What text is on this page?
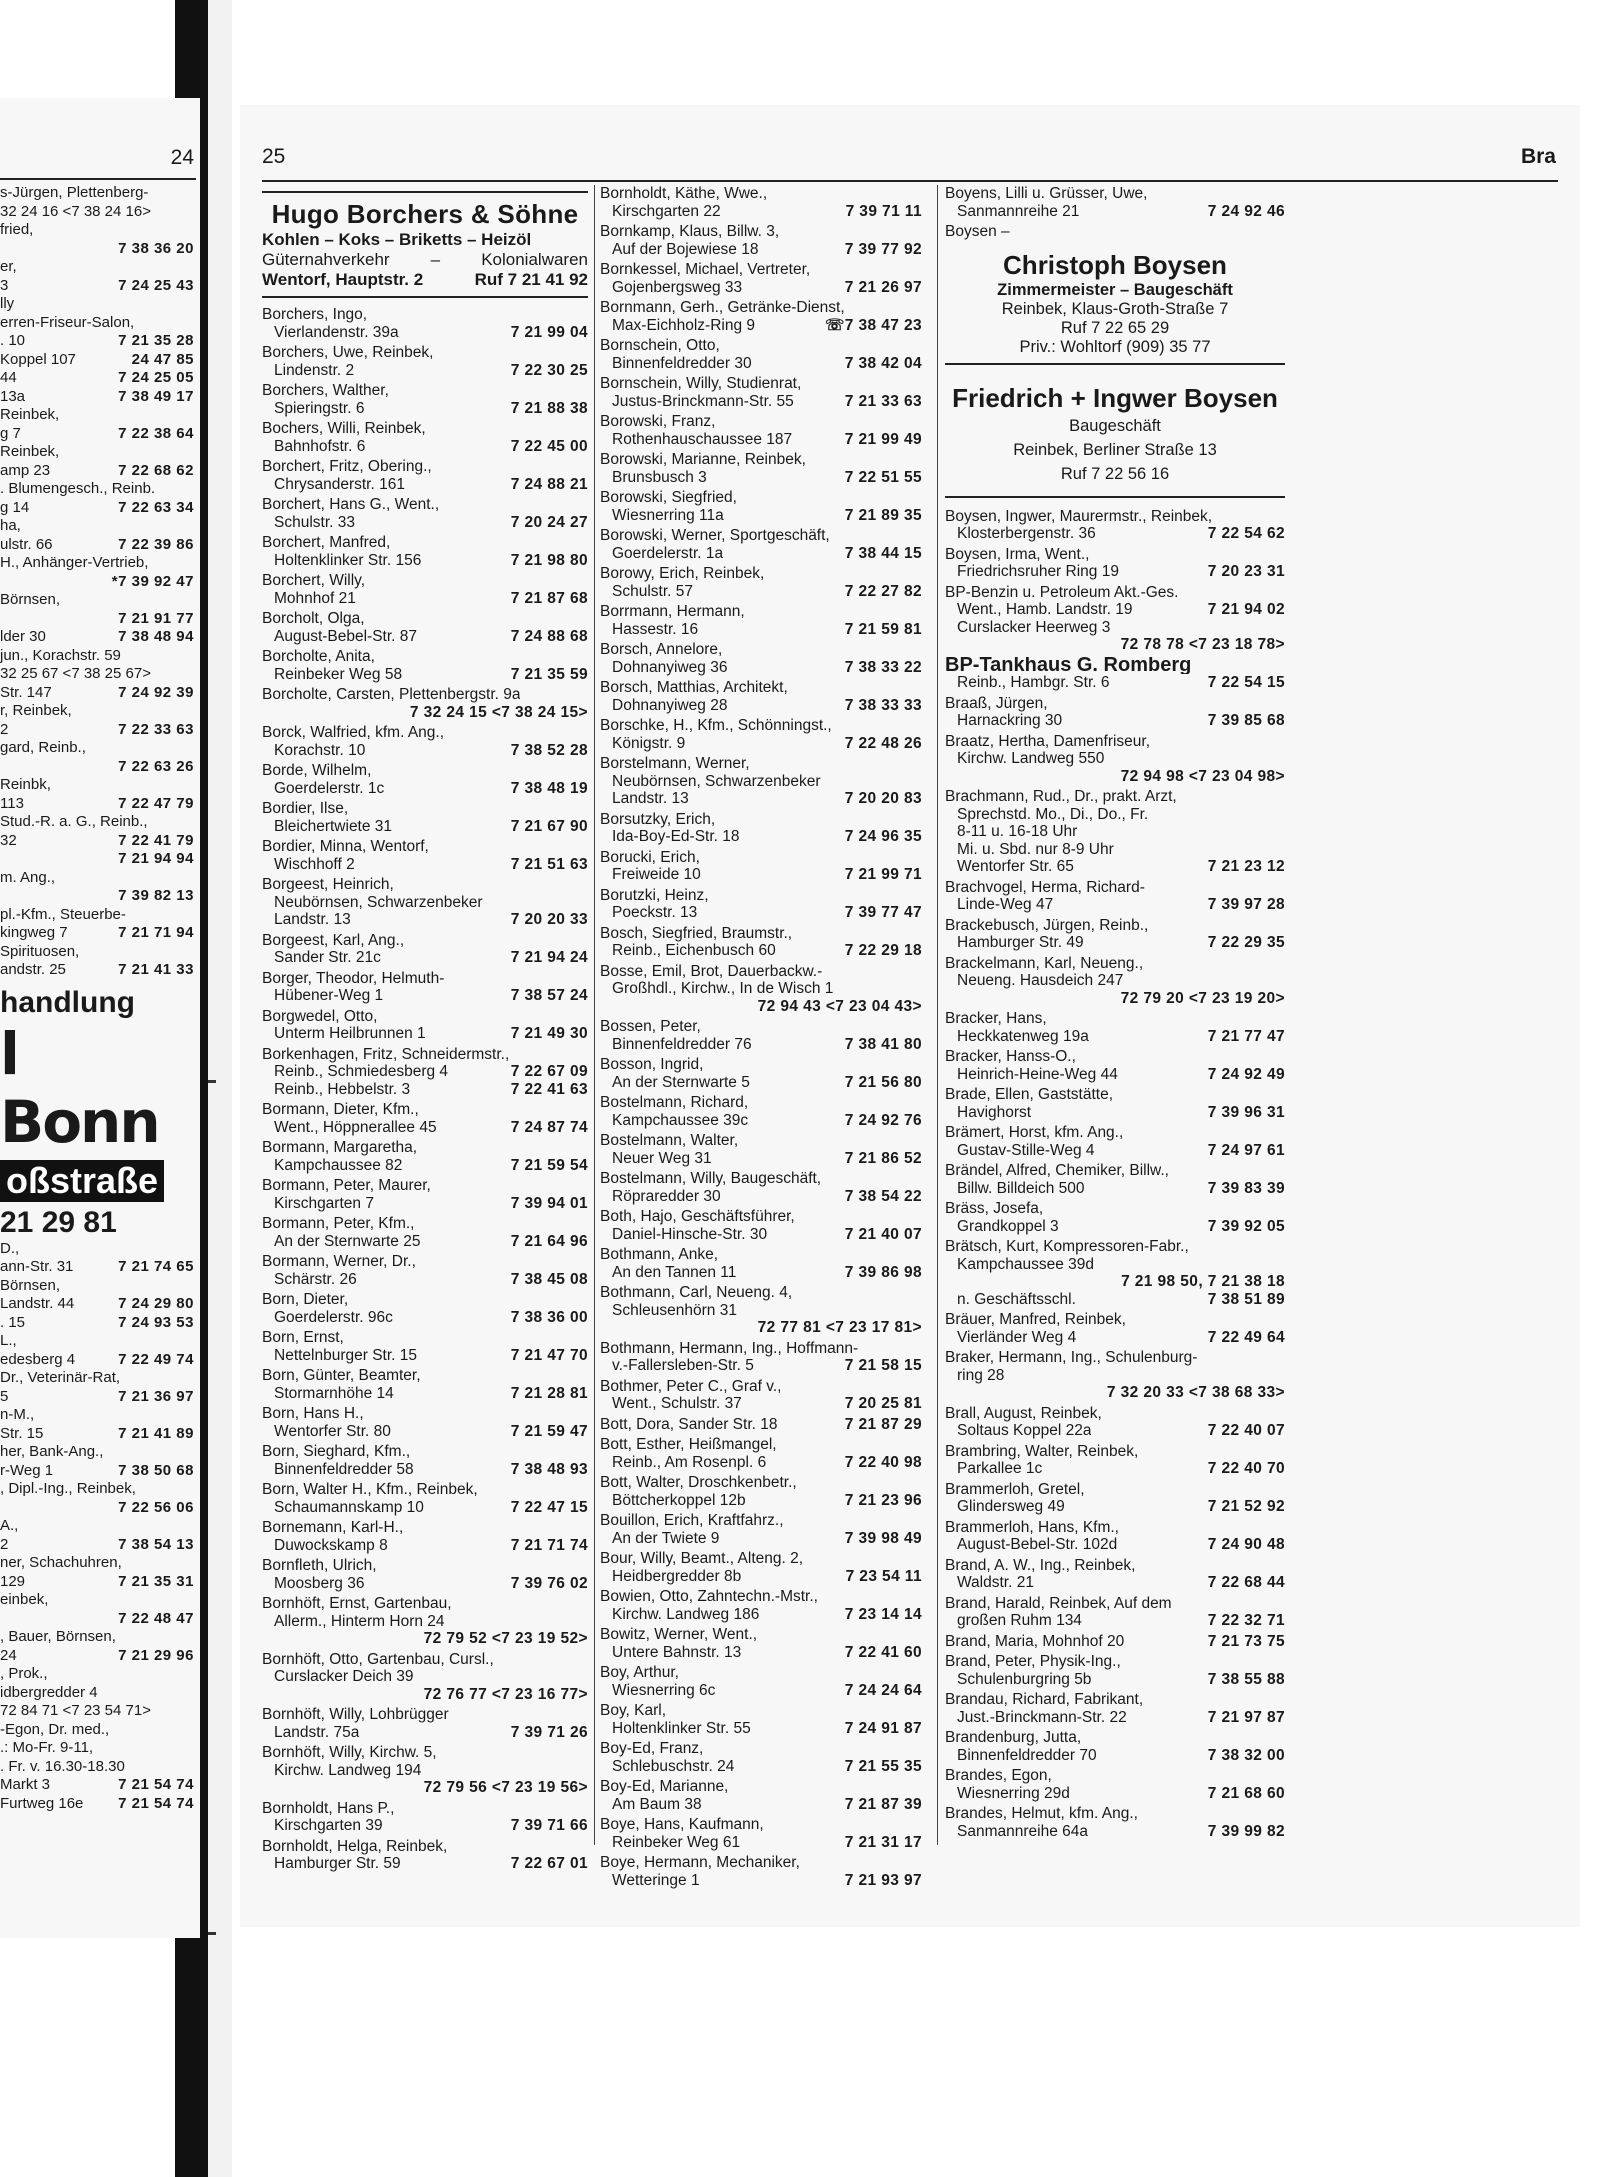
24
s-Jürgen, Plettenberg-
32 24 16 <7 38 24 16>
fried,
7 38 36 20
er,
3	7 24 25 43
lly
erren-Friseur-Salon,
. 10	7 21 35 28
Koppel 107	24 47 85
44	7 24 25 05
13a	7 38 49 17
Reinbek,
g 7	7 22 38 64
Reinbek,
amp 23	7 22 68 62
. Blumengesch., Reinb.
g 14	7 22 63 34
ha,
ulstr. 66	7 22 39 86
H., Anhänger-Vertrieb,
*7 39 92 47
Börnsen,
7 21 91 77
lder 30	7 38 48 94
jun., Korachstr. 59
32 25 67 <7 38 25 67>
Str. 147	7 24 92 39
r, Reinbek,
2	7 22 33 63
gard, Reinb.,
7 22 63 26
Reinbk,
113	7 22 47 79
Stud.-R. a. G., Reinb.,
32	7 22 41 79
7 21 94 94
m. Ang.,
7 39 82 13
pl.-Kfm., Steuerbe-
kingweg 7	7 21 71 94
Spirituosen,
andstr. 25	7 21 41 33
handlung
l Bonn
oßstraße
21 29 81
D.,
ann-Str. 31	7 21 74 65
Börnsen,
Landstr. 44	7 24 29 80
. 15	7 24 93 53
L.,
edesberg 4	7 22 49 74
Dr., Veterinär-Rat,
5	7 21 36 97
n-M.,
Str. 15	7 21 41 89
her, Bank-Ang.,
r-Weg 1	7 38 50 68
, Dipl.-Ing., Reinbek,
7 22 56 06
A.,
2	7 38 54 13
ner, Schachuhren,
129	7 21 35 31
einbek,
7 22 48 47
, Bauer, Börnsen,
24	7 21 29 96
, Prok.,
idbergredder 4
72 84 71 <7 23 54 71>
-Egon, Dr. med.,
.: Mo-Fr. 9-11,
. Fr. v. 16.30-18.30
Markt 3	7 21 54 74
Furtweg 16e 7 21 54 74
25	Bra
Hugo Borchers & Söhne
Kohlen – Koks – Briketts – Heizöl
Güternahverkehr – Kolonialwaren
Wentorf, Hauptstr. 2	Ruf 7 21 41 92
Borchers, Ingo,
Vierlandenstr. 39a	7 21 99 04
Borchers, Uwe, Reinbek,
Lindenstr. 2	7 22 30 25
Borchers, Walther,
Spieringstr. 6	7 21 88 38
Bochers, Willi, Reinbek,
Bahnhofstr. 6	7 22 45 00
Borchert, Fritz, Obering.,
Chrysanderstr. 161	7 24 88 21
Borchert, Hans G., Went.,
Schulstr. 33	7 20 24 27
Borchert, Manfred,
Holtenklinker Str. 156	7 21 98 80
Borchert, Willy,
Mohnhof 21	7 21 87 68
Borcholt, Olga,
August-Bebel-Str. 87	7 24 88 68
Borcholte, Anita,
Reinbeker Weg 58	7 21 35 59
Borcholte, Carsten, Plettenbergstr. 9a
7 32 24 15 <7 38 24 15>
Borck, Walfried, kfm. Ang.,
Korachstr. 10	7 38 52 28
Borde, Wilhelm,
Goerdelerstr. 1c	7 38 48 19
Bordier, Ilse,
Bleichertwiete 31	7 21 67 90
Bordier, Minna, Wentorf,
Wischhoff 2	7 21 51 63
Borgeest, Heinrich,
Neubörnsen, Schwarzenbeker
Landstr. 13	7 20 20 33
Borgeest, Karl, Ang.,
Sander Str. 21c	7 21 94 24
Borger, Theodor, Helmuth-
Hübener-Weg 1	7 38 57 24
Borgwedel, Otto,
Unterm Heilbrunnen 1	7 21 49 30
Borkenhagen, Fritz, Schneidermstr.,
Reinb., Schmiedesberg 4	7 22 67 09
Reinb., Hebbelstr. 3	7 22 41 63
Bormann, Dieter, Kfm.,
Went., Höppnerallee 45	7 24 87 74
Bormann, Margaretha,
Kampchaussee 82	7 21 59 54
Bormann, Peter, Maurer,
Kirschgarten 7	7 39 94 01
Bormann, Peter, Kfm.,
An der Sternwarte 25	7 21 64 96
Bormann, Werner, Dr.,
Schärstr. 26	7 38 45 08
Born, Dieter,
Goerdelerstr. 96c	7 38 36 00
Born, Ernst,
Nettelnburger Str. 15	7 21 47 70
Born, Günter, Beamter,
Stormarnhöhe 14	7 21 28 81
Born, Hans H.,
Wentorfer Str. 80	7 21 59 47
Born, Sieghard, Kfm.,
Binnenfeldredder 58	7 38 48 93
Born, Walter H., Kfm., Reinbek,
Schaumannskamp 10	7 22 47 15
Bornemann, Karl-H.,
Duwockskamp 8	7 21 71 74
Bornfleth, Ulrich,
Moosberg 36	7 39 76 02
Bornhöft, Ernst, Gartenbau,
Allerm., Hinterm Horn 24
72 79 52 <7 23 19 52>
Bornhöft, Otto, Gartenbau, Cursl.,
Curslacker Deich 39
72 76 77 <7 23 16 77>
Bornhöft, Willy, Lohbrügger
Landstr. 75a	7 39 71 26
Bornhöft, Willy, Kirchw. 5,
Kirchw. Landweg 194
72 79 56 <7 23 19 56>
Bornholdt, Hans P.,
Kirschgarten 39	7 39 71 66
Bornholdt, Helga, Reinbek,
Hamburger Str. 59	7 22 67 01
Bornholdt, Käthe, Wwe.,
Kirschgarten 22	7 39 71 11
Bornkamp, Klaus, Billw. 3,
Auf der Bojewiese 18	7 39 77 92
Bornkessel, Michael, Vertreter,
Gojenbergsweg 33	7 21 26 97
Bornmann, Gerh., Getränke-Dienst,
Max-Eichholz-Ring 9	☏7 38 47 23
Bornschein, Otto,
Binnenfeldredder 30	7 38 42 04
Bornschein, Willy, Studienrat,
Justus-Brinckmann-Str. 55	7 21 33 63
Borowski, Franz,
Rothenhauschaussee 187	7 21 99 49
Borowski, Marianne, Reinbek,
Brunsbusch 3	7 22 51 55
Borowski, Siegfried,
Wiesnerring 11a	7 21 89 35
Borowski, Werner, Sportgeschäft,
Goerdelerstr. 1a	7 38 44 15
Borowy, Erich, Reinbek,
Schulstr. 57	7 22 27 82
Borrmann, Hermann,
Hassestr. 16	7 21 59 81
Borsch, Annelore,
Dohnanyiweg 36	7 38 33 22
Borsch, Matthias, Architekt,
Dohnanyiweg 28	7 38 33 33
Borschke, H., Kfm., Schönningst.,
Königstr. 9	7 22 48 26
Borstelmann, Werner,
Neubörnsen, Schwarzenbeker
Landstr. 13	7 20 20 83
Borsutzky, Erich,
Ida-Boy-Ed-Str. 18	7 24 96 35
Borucki, Erich,
Freiweide 10	7 21 99 71
Borutzki, Heinz,
Poeckstr. 13	7 39 77 47
Bosch, Siegfried, Braumstr.,
Reinb., Eichenbusch 60	7 22 29 18
Bosse, Emil, Brot, Dauerbackw.-
Großhdl., Kirchw., In de Wisch 1
72 94 43 <7 23 04 43>
Bossen, Peter,
Binnenfeldredder 76	7 38 41 80
Bosson, Ingrid,
An der Sternwarte 5	7 21 56 80
Bostelmann, Richard,
Kampchaussee 39c	7 24 92 76
Bostelmann, Walter,
Neuer Weg 31	7 21 86 52
Bostelmann, Willy, Baugeschäft,
Röpraredder 30	7 38 54 22
Both, Hajo, Geschäftsführer,
Daniel-Hinsche-Str. 30	7 21 40 07
Bothmann, Anke,
An den Tannen 11	7 39 86 98
Bothmann, Carl, Neueng. 4,
Schleusenhörn 31
72 77 81 <7 23 17 81>
Bothmann, Hermann, Ing., Hoffmann-
v.-Fallersleben-Str. 5	7 21 58 15
Bothmer, Peter C., Graf v.,
Went., Schulstr. 37	7 20 25 81
Bott, Dora, Sander Str. 18	7 21 87 29
Bott, Esther, Heißmangel,
Reinb., Am Rosenpl. 6	7 22 40 98
Bott, Walter, Droschkenbetr.,
Böttcherkoppel 12b	7 21 23 96
Bouillon, Erich, Kraftfahrz.,
An der Twiete 9	7 39 98 49
Bour, Willy, Beamt., Alteng. 2,
Heidbergredder 8b	7 23 54 11
Bowien, Otto, Zahntechn.-Mstr.,
Kirchw. Landweg 186	7 23 14 14
Bowitz, Werner, Went.,
Untere Bahnstr. 13	7 22 41 60
Boy, Arthur,
Wiesnerring 6c	7 24 24 64
Boy, Karl,
Holtenklinker Str. 55	7 24 91 87
Boy-Ed, Franz,
Schlebuschstr. 24	7 21 55 35
Boy-Ed, Marianne,
Am Baum 38	7 21 87 39
Boye, Hans, Kaufmann,
Reinbeker Weg 61	7 21 31 17
Boye, Hermann, Mechaniker,
Wetteringe 1	7 21 93 97
Boyens, Lilli u. Grüsser, Uwe,
Sanmannreihe 21	7 24 92 46
Boysen –
Christoph Boysen
Zimmermeister – Baugeschäft
Reinbek, Klaus-Groth-Straße 7
Ruf 7 22 65 29
Priv.: Wohltorf (909) 35 77
Friedrich + Ingwer Boysen
Baugeschäft
Reinbek, Berliner Straße 13
Ruf 7 22 56 16
Boysen, Ingwer, Maurermstr., Reinbek,
Klosterbergenstr. 36	7 22 54 62
Boysen, Irma, Went.,
Friedrichsruher Ring 19	7 20 23 31
BP-Benzin u. Petroleum Akt.-Ges.
Went., Hamb. Landstr. 19	7 21 94 02
Curslacker Heerweg 3
72 78 78 <7 23 18 78>
BP-Tankhaus G. Romberg
Reinb., Hambgr. Str. 6	7 22 54 15
Braaß, Jürgen,
Harnackring 30	7 39 85 68
Braatz, Hertha, Damenfriseur,
Kirchw. Landweg 550
72 94 98 <7 23 04 98>
Brachmann, Rud., Dr., prakt. Arzt,
Sprechstd. Mo., Di., Do., Fr.
8-11 u. 16-18 Uhr
Mi. u. Sbd. nur 8-9 Uhr
Wentorfer Str. 65	7 21 23 12
Brachvogel, Herma, Richard-
Linde-Weg 47	7 39 97 28
Brackebusch, Jürgen, Reinb.,
Hamburger Str. 49	7 22 29 35
Brackelmann, Karl, Neueng.,
Neueng. Hausdeich 247
72 79 20 <7 23 19 20>
Bracker, Hans,
Heckkatenweg 19a	7 21 77 47
Bracker, Hanss-O.,
Heinrich-Heine-Weg 44	7 24 92 49
Brade, Ellen, Gaststätte,
Havighorst	7 39 96 31
Brämert, Horst, kfm. Ang.,
Gustav-Stille-Weg 4	7 24 97 61
Brändel, Alfred, Chemiker, Billw.,
Billw. Billdeich 500	7 39 83 39
Bräss, Josefa,
Grandkoppel 3	7 39 92 05
Brätsch, Kurt, Kompressoren-Fabr.,
Kampchaussee 39d
7 21 98 50, 7 21 38 18
n. Geschäftsschl.	7 38 51 89
Bräuer, Manfred, Reinbek,
Vierländer Weg 4	7 22 49 64
Braker, Hermann, Ing., Schulenburg-
ring 28
7 32 20 33 <7 38 68 33>
Brall, August, Reinbek,
Soltaus Koppel 22a	7 22 40 07
Brambring, Walter, Reinbek,
Parkallee 1c	7 22 40 70
Brammerloh, Gretel,
Glindersweg 49	7 21 52 92
Brammerloh, Hans, Kfm.,
August-Bebel-Str. 102d	7 24 90 48
Brand, A. W., Ing., Reinbek,
Waldstr. 21	7 22 68 44
Brand, Harald, Reinbek, Auf dem
großen Ruhm 134	7 22 32 71
Brand, Maria, Mohnhof 20	7 21 73 75
Brand, Peter, Physik-Ing.,
Schulenburgring 5b	7 38 55 88
Brandau, Richard, Fabrikant,
Just.-Brinckmann-Str. 22	7 21 97 87
Brandenburg, Jutta,
Binnenfeldredder 70	7 38 32 00
Brandes, Egon,
Wiesnerring 29d	7 21 68 60
Brandes, Helmut, kfm. Ang.,
Sanmannreihe 64a	7 39 99 82
